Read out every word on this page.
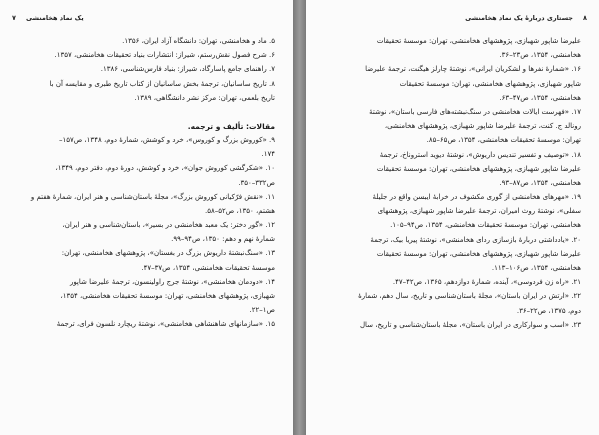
۷ یک نماد هخامنشی
۵. ماد و هخامنشی، تهران: دانشگاه آزاد ایران، ۱۳۵۶.
۶. شرح فصول نقش‌رستم، شیراز: انتشارات بنیاد تحقیقات هخامنشی، ۱۳۵۷.
۷. راهنمای جامع پاسارگاد، شیراز: بنیاد فارس‌شناسی، ۱۳۸۶.
۸. تاریخ ساسانیان، ترجمهٔ بخش ساسانیان از کتاب تاریخ طبری و مقایسه آن با
تاریخ بلعمی، تهران: مرکز نشر دانشگاهی، ۱۳۸۹.
مقالات: تألیف و ترجمه.
۹. «کوروش بزرگ و کوروس»، خرد و کوشش، شمارهٔ دوم، ۱۳۴۸، ص۱۵۷–
۱۷۴.
۱۰. «شکرگشی کوروش جوان»، خرد و کوشش، دورهٔ دوم، دفتر دوم، ۱۳۴۹،
ص۳۳۲–۳۵۰.
۱۱. «نقش فرّکیانی کوروش بزرگ»، مجلهٔ باستان‌شناسی و هنر ایران، شمارهٔ هفتم و
هشتم، ۱۳۵۰، ص۵۲–۵۸.
۱۲. «گور دختر: یک معبد هخامنشی در بسیر»، باستان‌شناسی و هنر ایران،
شمارهٔ نهم و دهم: ۱۳۵۰، ص۹۴–۹۹.
۱۳. «سنگ‌نبشتهٔ داریوش بزرگ در بغستان»، پژوهشهای هخامنشی، تهران:
موسسهٔ تحقیقات هخامنشی، ۱۳۵۴، ص۳۷–۴۷.
۱۴. «دودمان هخامنشی»، نوشتهٔ جرج راولینسون، ترجمهٔ علیرضا شاپور
شهبازی، پژوهشهای هخامنشی، تهران: موسسهٔ تحقیقات هخامنشی، ۱۳۵۴،
ص۱–۲۲.
۱۵. «سازمانهای شاهنشاهی هخامنشی»، نوشتهٔ ریچارد نلسون فرای، ترجمهٔ
۸
جستاری دربارهٔ یک نماد هخامنشی
علیرضا شاپور شهبازی، پژوهشهای هخامنشی، تهران: موسسهٔ تحقیقات
هخامنشی، ۱۳۵۴، ص۲۳–۳۶.
۱۶. «شمارهٔ نفرها و لشکریان ایرانی»، نوشتهٔ چارلز هیگنت، ترجمهٔ علیرضا
شاپور شهبازی، پژوهشهای هخامنشی، تهران: موسسهٔ تحقیقات
هخامنشی، ۱۳۵۴، ص۴۷–۶۳.
۱۷. «فهرست ایالات هخامنشی در سنگ‌نبشته‌های فارسی باستان»، نوشتهٔ
رونالد ج. کنت، ترجمهٔ علیرضا شاپور شهبازی، پژوهشهای هخامنشی،
تهران: موسسهٔ تحقیقات هخامنشی، ۱۳۵۴، ص۶۵–۸۵.
۱۸. «توصیف و تفسیر تندیس داریوش»، نوشتهٔ دیوید استروناخ، ترجمهٔ
علیرضا شاپور شهبازی، پژوهشهای هخامنشی، تهران: موسسهٔ تحقیقات
هخامنشی، ۱۳۵۴، ص۸۷–۹۳.
۱۹. «مهرهای هخامنشی از گوری مکشوف در خرابهٔ ایبسن واقع در جلیلهٔ
سفلی»، نوشتهٔ روث امیران، ترجمهٔ علیرضا شاپور شهبازی، پژوهشهای
هخامنشی، تهران: موسسهٔ تحقیقات هخامنشی، ۱۳۵۴، ص۹۴–۱۰۵.
۲۰. «یادداشتی دربارهٔ بازسازی ردای هخامنشی»، نوشتهٔ پیریا بیک، ترجمهٔ
علیرضا شاپور شهبازی، پژوهشهای هخامنشی، تهران: موسسهٔ تحقیقات
هخامنشی، ۱۳۵۴، ص۱۰۶–۱۱۳.
۲۱. «راه زن فردوسی»، آینده، شمارهٔ دوازدهم، ۱۳۶۵، ص۴۲–۴۷.
۲۲. «ارتش در ایران باستان»، مجلهٔ باستان‌شناسی و تاریخ، سال دهم، شمارهٔ
دوم، ۱۳۷۵، ص۲۲–۳۶.
۲۳. «اسب و سوارکاری در ایران باستان»، مجلهٔ باستان‌شناسی و تاریخ، سال
